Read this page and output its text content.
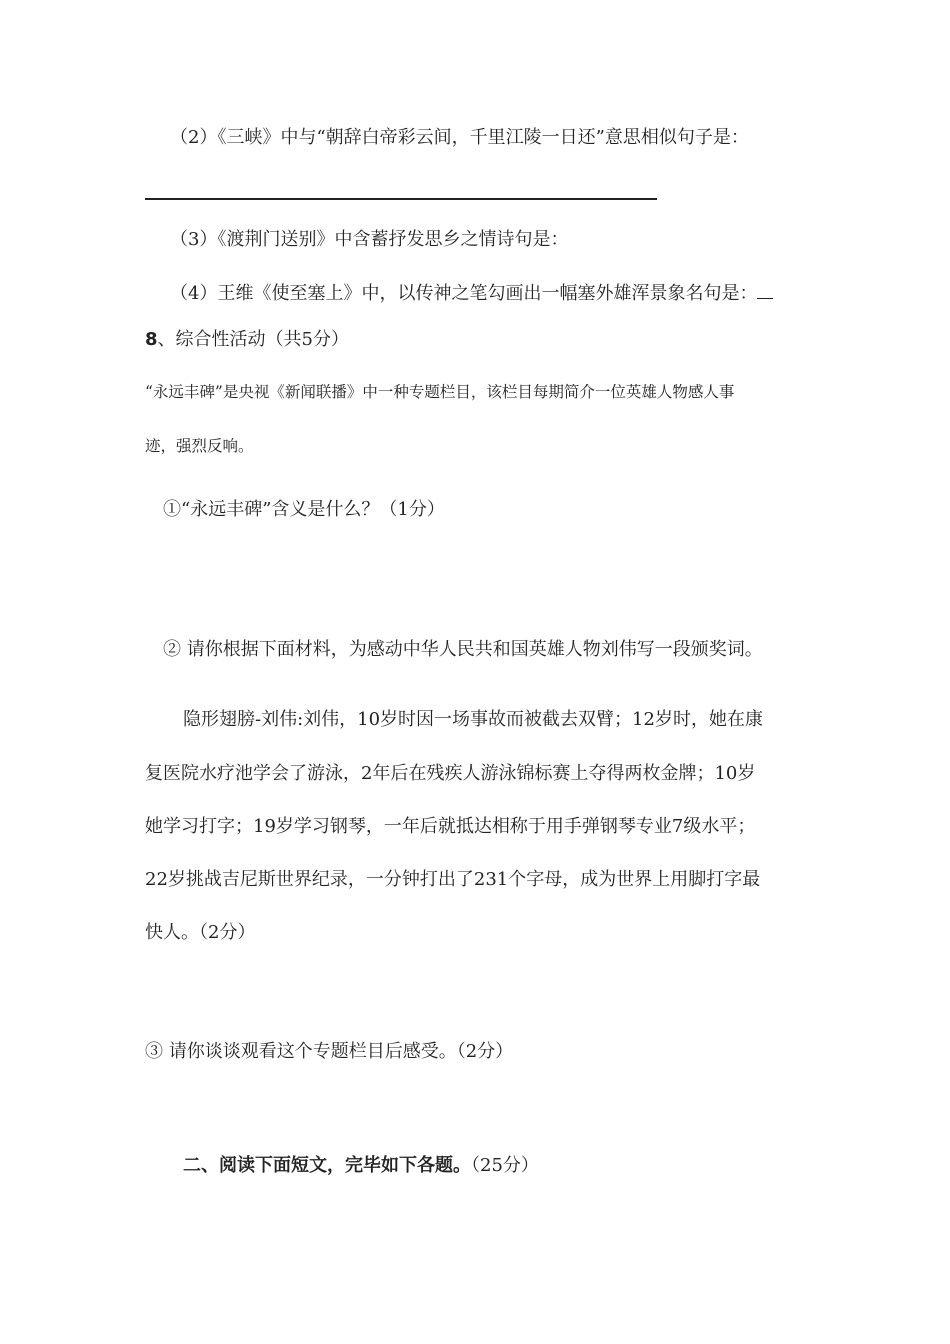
（2）《三峡》中与“朝辞白帝彩云间，千里江陵一日还”意思相似句子是：
（3）《渡荆门送别》中含蓄抒发思乡之情诗句是：
（4）王维《使至塞上》中，以传神之笔勾画出一幅塞外雄浑景象名句是：
8、综合性活动（共5分）
“永远丰碑”是央视《新闻联播》中一种专题栏目，该栏目每期简介一位英雄人物感人事
迹，强烈反响。
①“永远丰碑”含义是什么？（1分）
② 请你根据下面材料，为感动中华人民共和国英雄人物刘伟写一段颁奖词。
隐形翅膀-刘伟:刘伟，10岁时因一场事故而被截去双臂；12岁时，她在康
复医院水疗池学会了游泳，2年后在残疾人游泳锦标赛上夺得两枚金牌；10岁
她学习打字；19岁学习钢琴，一年后就抵达相称于用手弹钢琴专业7级水平；
22岁挑战吉尼斯世界纪录，一分钟打出了231个字母，成为世界上用脚打字最
快人。（2分）
③ 请你谈谈观看这个专题栏目后感受。（2分）
二、阅读下面短文，完毕如下各题。（25分）
